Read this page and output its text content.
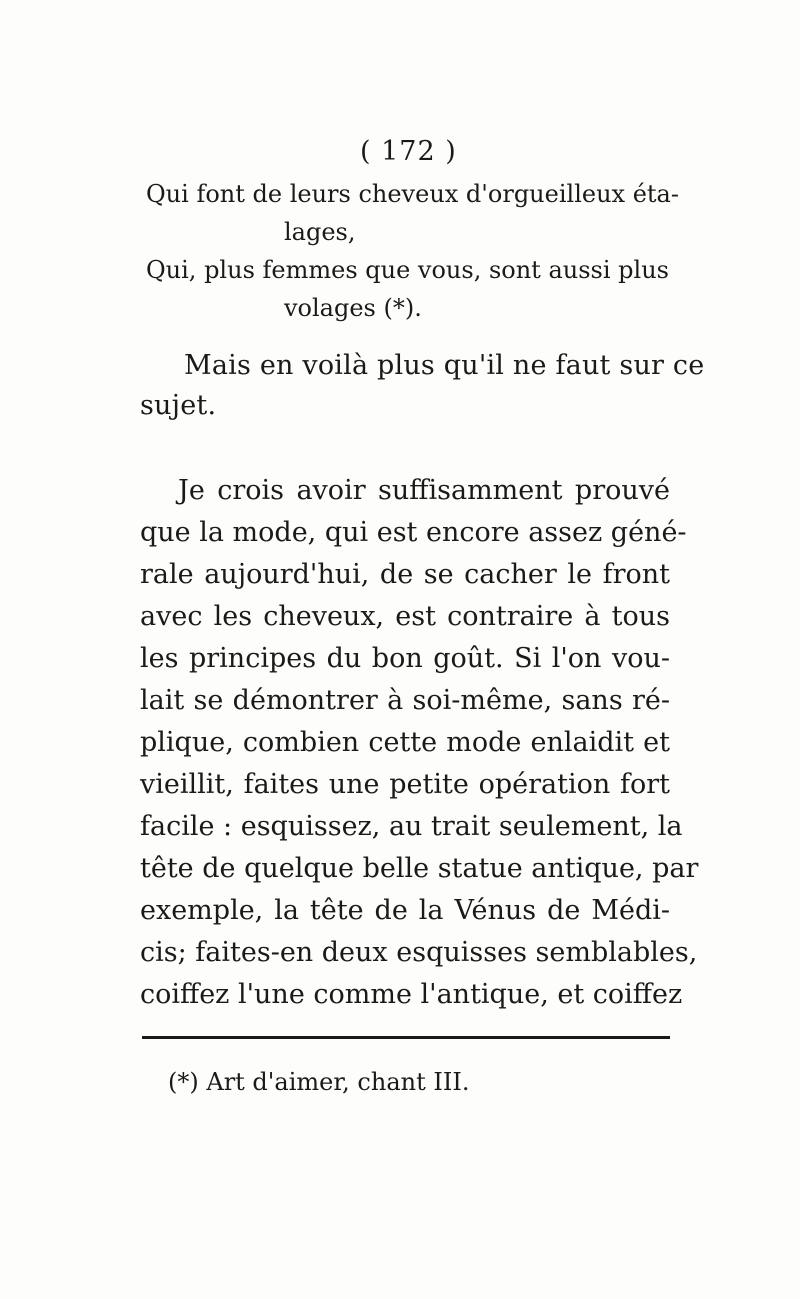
( 172 )
Qui font de leurs cheveux d'orgueilleux éta-
lages,
Qui, plus femmes que vous, sont aussi plus
volages (*).
Mais en voilà plus qu'il ne faut sur ce
sujet.
Je crois avoir suffisamment prouvé
que la mode, qui est encore assez géné-
rale aujourd'hui, de se cacher le front
avec les cheveux, est contraire à tous
les principes du bon goût. Si l'on vou-
lait se démontrer à soi-même, sans ré-
plique, combien cette mode enlaidit et
vieillit, faites une petite opération fort
facile : esquissez, au trait seulement, la
tête de quelque belle statue antique, par
exemple, la tête de la Vénus de Médi-
cis; faites-en deux esquisses semblables,
coiffez l'une comme l'antique, et coiffez
(*) Art d'aimer, chant III.
